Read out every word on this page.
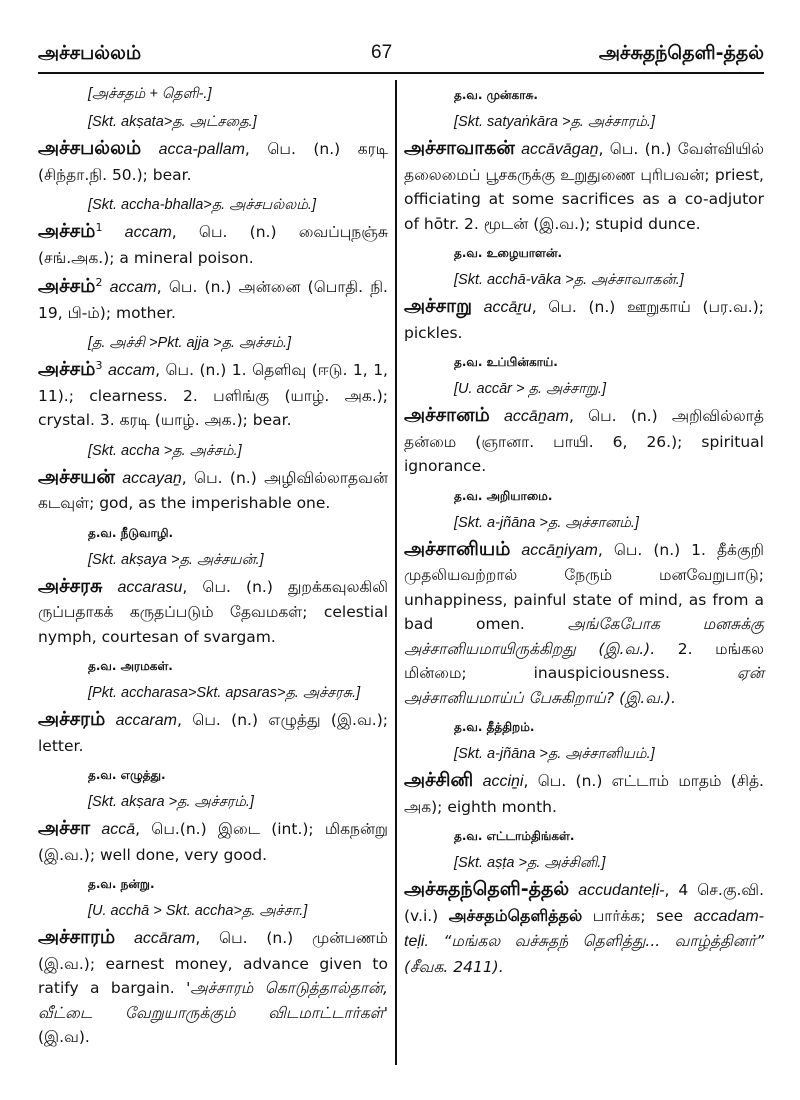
அச்சபல்லம்	67	அச்சுதந்தெளி-த்தல்
[அச்சதம் + தெளி-.]
[Skt. akṣata>த. அட்சதை.]
அச்சபல்லம் acca-pallam, பெ. (n.) கரடி (சிந்தா.நி. 50.); bear.
[Skt. accha-bhalla>த. அச்சபல்லம்.]
அச்சம்$^1$ accam, பெ. (n.) வைப்புநஞ்சு (சங்.அக.); a mineral poison.
அச்சம்$^2$ accam, பெ. (n.) அன்னை (பொதி. நி. 19, பி-ம்); mother.
[த. அச்சி >Pkt. ajja >த. அச்சம்.]
அச்சம்$^3$ accam, பெ. (n.) 1. தெளிவு (ஈடு. 1, 1, 11).; clearness. 2. பளிங்கு (யாழ். அக.); crystal. 3. கரடி (யாழ். அக.); bear.
[Skt. accha >த. அச்சம்.]
அச்சயன் accayaṉ, பெ. (n.) அழிவில்லாதவன் கடவுள்; god, as the imperishable one.
த.வ. நீடுவாழி.
[Skt. akṣaya >த. அச்சயன்.]
அச்சரசு accarasu, பெ. (n.) துறக்கவுலகிலி ருப்பதாகக் கருதப்படும் தேவமகள்; celestial nymph, courtesan of svargam.
த.வ. அரமகள்.
[Pkt. accharasa>Skt. apsaras>த. அச்சரசு.]
அச்சரம் accaram, பெ. (n.) எழுத்து (இ.வ.); letter.
த.வ. எழுத்து.
[Skt. akṣara >த. அச்சரம்.]
அச்சா accā, பெ.(n.) இடை (int.); மிகநன்று (இ.வ.); well done, very good.
த.வ. நன்று.
[U. acchā > Skt. accha>த. அச்சா.]
அச்சாரம் accāram, பெ. (n.) முன்பணம் (இ.வ.); earnest money, advance given to ratify a bargain. 'அச்சாரம் கொடுத்தால்தான், வீட்டை வேறுயாருக்கும் விடமாட்டார்கள்' (இ.வ).
த.வ. முன்காசு.
[Skt. satyaṅkāra >த. அச்சாரம்.]
அச்சாவாகன் accāvāgaṉ, பெ. (n.) வேள்வியில் தலைமைப் பூசகருக்கு உறுதுணை புரிபவன்; priest, officiating at some sacrifices as a co-adjutor of hōtr. 2. மூடன் (இ.வ.); stupid dunce.
த.வ. உழையாளன்.
[Skt. acchā-vāka >த. அச்சாவாகன்.]
அச்சாறு accāṟu, பெ. (n.) ஊறுகாய் (பர.வ.); pickles.
த.வ. உப்பின்காய்.
[U. accār > த. அச்சாறு.]
அச்சானம் accāṉam, பெ. (n.) அறிவில்லாத் தன்மை (ஞானா. பாயி. 6, 26.); spiritual ignorance.
த.வ. அறியாமை.
[Skt. a-jñāna >த. அச்சானம்.]
அச்சானியம் accāṉiyam, பெ. (n.) 1. தீக்குறி முதலியவற்றால் நேரும் மனவேறுபாடு; unhappiness, painful state of mind, as from a bad omen.	அங்கேபோக மனசுக்கு அச்சானியமாயிருக்கிறது (இ.வ.). 2. மங்கல மின்மை; inauspiciousness.	ஏன் அச்சானியமாய்ப் பேசுகிறாய்? (இ.வ.).
த.வ. தீத்திறம்.
[Skt. a-jñāna >த. அச்சானியம்.]
அச்சினி acciṉi, பெ. (n.) எட்டாம் மாதம் (சித். அக); eighth month.
த.வ. எட்டாம்திங்கள்.
[Skt. aṣṭa >த. அச்சினி.]
அச்சுதந்தெளி-த்தல் accudanteḷi-, 4 செ.கு.வி. (v.i.) அச்சதம்தெளித்தல் பார்க்க; see accadam-teḷi. “மங்கல வச்சுதந் தெளித்து... வாழ்த்தினர்” (சீவக. 2411).
